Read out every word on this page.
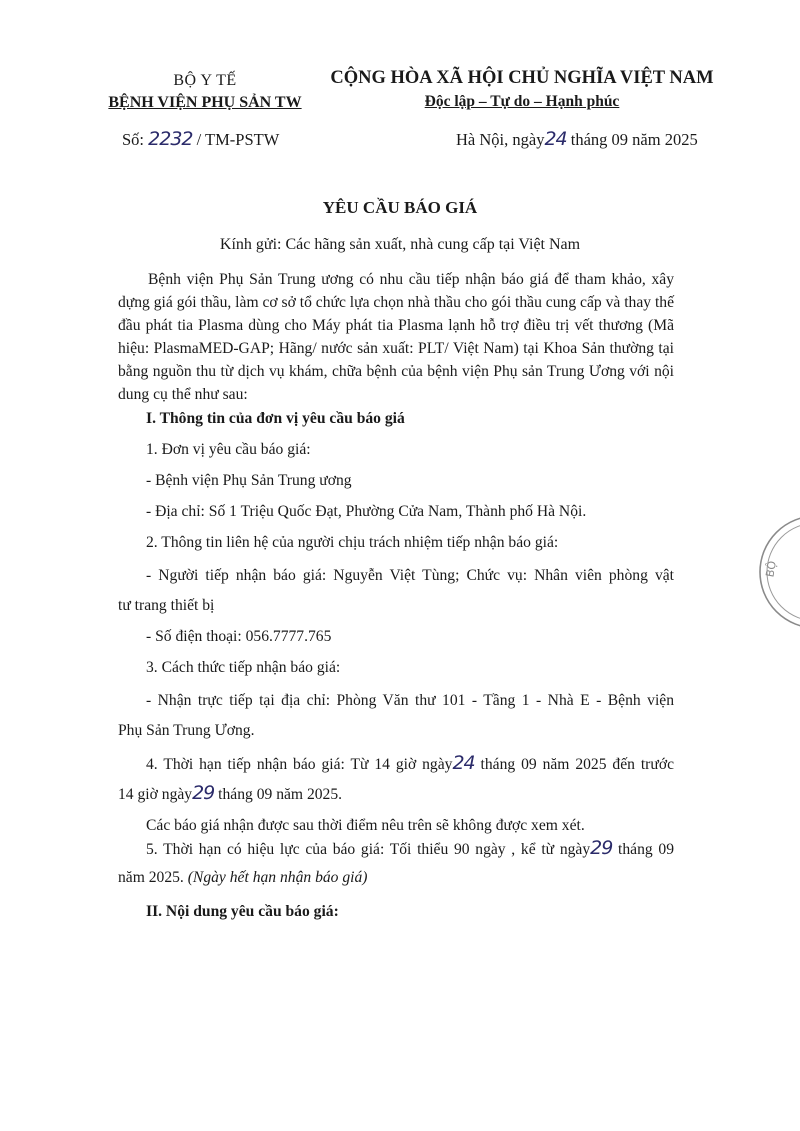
BỘ Y TẾ
BỆNH VIỆN PHỤ SẢN TW
CỘNG HÒA XÃ HỘI CHỦ NGHĨA VIỆT NAM
Độc lập – Tự do – Hạnh phúc
Số: 2232 / TM-PSTW	Hà Nội, ngày24 tháng 09 năm 2025
YÊU CẦU BÁO GIÁ
Kính gửi: Các hãng sản xuất, nhà cung cấp tại Việt Nam

Bệnh viện Phụ Sản Trung ương có nhu cầu tiếp nhận báo giá để tham khảo, xây dựng giá gói thầu, làm cơ sở tổ chức lựa chọn nhà thầu cho gói thầu cung cấp và thay thế đầu phát tia Plasma dùng cho Máy phát tia Plasma lạnh hỗ trợ điều trị vết thương (Mã hiệu: PlasmaMED-GAP; Hãng/ nước sản xuất: PLT/ Việt Nam) tại Khoa Sản thường tại bằng nguồn thu từ dịch vụ khám, chữa bệnh của bệnh viện Phụ sản Trung Ương với nội dung cụ thể như sau:

I. Thông tin của đơn vị yêu cầu báo giá

1. Đơn vị yêu cầu báo giá:

- Bệnh viện Phụ Sản Trung ương

- Địa chỉ: Số 1 Triệu Quốc Đạt, Phường Cửa Nam, Thành phố Hà Nội.

2. Thông tin liên hệ của người chịu trách nhiệm tiếp nhận báo giá:

- Người tiếp nhận báo giá: Nguyễn Việt Tùng; Chức vụ: Nhân viên phòng vật

tư trang thiết bị

- Số điện thoại: 056.7777.765

3. Cách thức tiếp nhận báo giá:

- Nhận trực tiếp tại địa chỉ: Phòng Văn thư 101 - Tầng 1 - Nhà E - Bệnh viện

Phụ Sản Trung Ương.

4. Thời hạn tiếp nhận báo giá: Từ 14 giờ ngày24 tháng 09 năm 2025 đến trước

14 giờ ngày29 tháng 09 năm 2025.

Các báo giá nhận được sau thời điểm nêu trên sẽ không được xem xét.

5. Thời hạn có hiệu lực của báo giá: Tối thiểu 90 ngày , kể từ ngày29 tháng 09

năm 2025. (Ngày hết hạn nhận báo giá)

II. Nội dung yêu cầu báo giá:

BỘ
